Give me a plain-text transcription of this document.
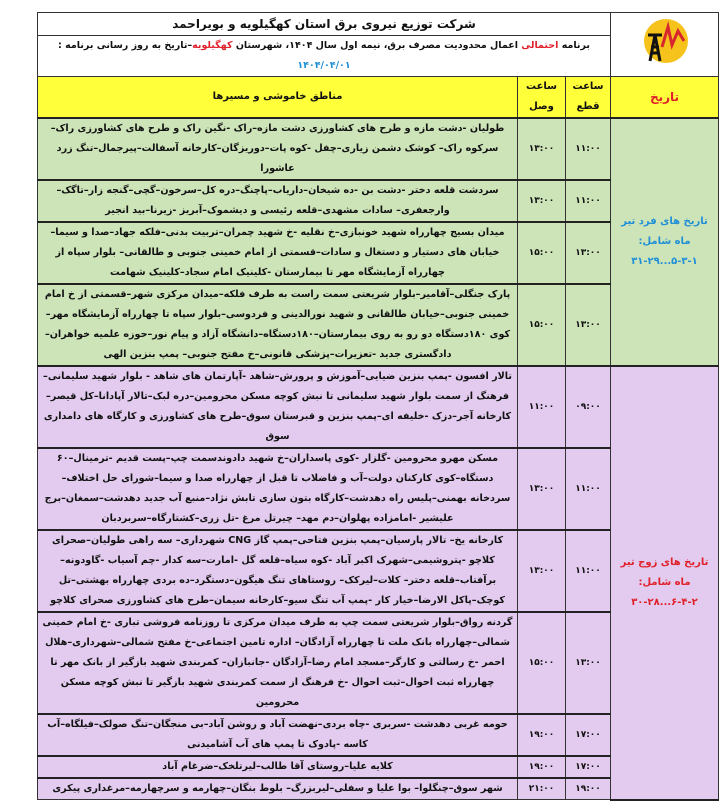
	شرکت توزیع نیروی برق استان کهگیلویه و بویراحمد		
	برنامه احتمالی اعمال محدودیت مصرف برق، نیمه اول سال ۱۴۰۴، شهرستان کهگیلویه–تاریخ به روز رسانی برنامه : ۱۴۰۴/۰۴/۰۱		
تاریخ	ساعت قطع	ساعت وصل	مناطق خاموشی و مسیرها

تاریخ های فرد تیر ماه شامل:
۵-۳-۱...۳۱-۲۹	۱۱:۰۰	۱۳:۰۰	طولیان -دشت مازه و طرح های کشاورزی دشت مازه–راک -نگین راک و طرح های کشاورزی راک–سرکوه راک– کوشک دشمن زیاری–چفل -کوه پات–دوریزگان–کارخانه آسفالت–پیرجمال–تنگ زرد عاشورا
	۱۱:۰۰	۱۳:۰۰	سردشت قلعه دختر -دشت بن -ده شیخان–داریاب–پاچنگ–دره کل–سرخون–گچی–گنجه زار–تاگک–وارجعفری– سادات مشهدی–قلعه رئیسی و دیشموک–آبریز -زیرنا–بید انجیر
	۱۳:۰۰	۱۵:۰۰	میدان بسیج چهارراه شهید خونبازی–خ نقلیه -خ شهید چمران–تربیت بدنی–فلکه جهاد–صدا و سیما–خیابان های دستیار و دستغال و سادات–قسمتی از امام خمینی جنوبی و طالقانی– بلوار سپاه از چهارراه آزمایشگاه مهر تا بیمارستان -کلینیک امام سجاد–کلینیک شهامت
	۱۳:۰۰	۱۵:۰۰	پارک جنگلی–آقامیر–بلوار شریعتی سمت راست به طرف فلکه–میدان مرکزی شهر–قسمتی از خ امام خمینی جنوبی–خیابان طالقانی و شهید نورالدینی و فردوسی–بلوار سپاه تا چهارراه آزمایشگاه مهر–کوی ۱۸۰دستگاه دو رو به روی بیمارستان–۱۸۰دستگاه–دانشگاه آزاد و پیام نور–حوزه علمیه خواهران–دادگستری جدید -تعزیرات–پزشکی قانونی–خ مفتح جنوبی– پمپ بنزین الهی

تاریخ های زوج تیر ماه شامل:
۶-۴-۲...۳۰-۲۸	۰۹:۰۰	۱۱:۰۰	تالار افسون -پمپ بنزین ضیایی–آموزش و پرورش–شاهد -آپارتمان های شاهد - بلوار شهید سلیمانی–فرهنگ از سمت بلوار شهید سلیمانی تا نبش کوچه مسکن محرومین–دره لبک–تالار آپادانا–کل قیصر–کارخانه آجر–دزک -خلیفه ای–پمپ بنزین و قبرستان سوق–طرح های کشاورزی و کارگاه های دامداری سوق
	۱۱:۰۰	۱۳:۰۰	مسکن مهرو محرومین -گلزار -کوی پاسداران–خ شهید دادوندسمت چپ–پست قدیم -ترمینال–۶۰ دستگاه–کوی کارکنان دولت–آب و فاضلاب تا قبل از چهارراه صدا و سیما–شورای حل اختلاف– سردخانه بهمنی–پلیس راه دهدشت–کارگاه بتون سازی تابش نژاد–منبع آب جدید دهدشت–سمغان–برج علیشیر -امامزاده پهلوان–دم مهد– چیرتل مرغ -تل زری–کشتارگاه–سربردبان
	۱۱:۰۰	۱۳:۰۰	کارخانه یخ– تالار پارسیان–پمپ بنزین فتاحی–پمپ گاز CNG شهرداری– سه راهی طولیان–صحرای کلاچو -پتروشیمی–شهرک اکبر آباد -کوه سیاه–قلعه گل -امارت–سه کدار -چم آسیاب -گاودونه–برآفتاب–قلعه دختر– کلات–لیرکک– روستاهای تنگ هیگون–دستگرد–ده بردی چهارراه بهشتی–تل کوچک–پاکل الارضا–خیار کار -پمپ آب تنگ سیو–کارخانه سیمان–طرح های کشاورزی صحرای کلاچو
	۱۳:۰۰	۱۵:۰۰	گردنه رواق–بلوار شریعتی سمت چپ به طرف میدان مرکزی تا روزنامه فروشی تباری -خ امام خمینی شمالی–چهارراه بانک ملت تا چهارراه آزادگان– اداره تامین اجتماعی–خ مفتح شمالی–شهرداری–هلال احمر -خ رسالتی و کارگر–مسجد امام رضا–آزادگان -جانبازان– کمربندی شهید بازگیر از بانک مهر تا چهارراه ثبت احوال–ثبت احوال -خ فرهنگ از سمت کمربندی شهید بازگیر تا نبش کوچه مسکن محرومین
	۱۷:۰۰	۱۹:۰۰	حومه غربی دهدشت -سربری -چاه بردی–نهضت آباد و روشن آباد–بی منجگان–تنگ صولک–فیلگاه–آب کاسه -پادوک تا پمپ های آب آشامیدنی
	۱۷:۰۰	۱۹:۰۰	کلایه علیا–روستای آقا طالب–لیرتلخک–ضرغام آباد
	۱۹:۰۰	۲۱:۰۰	شهر سوق–چنگلوا– بوا علیا و سفلی–لیربزرگ– بلوط بنگان–چهارمه و سرچهارمه–مرغداری پیکری
